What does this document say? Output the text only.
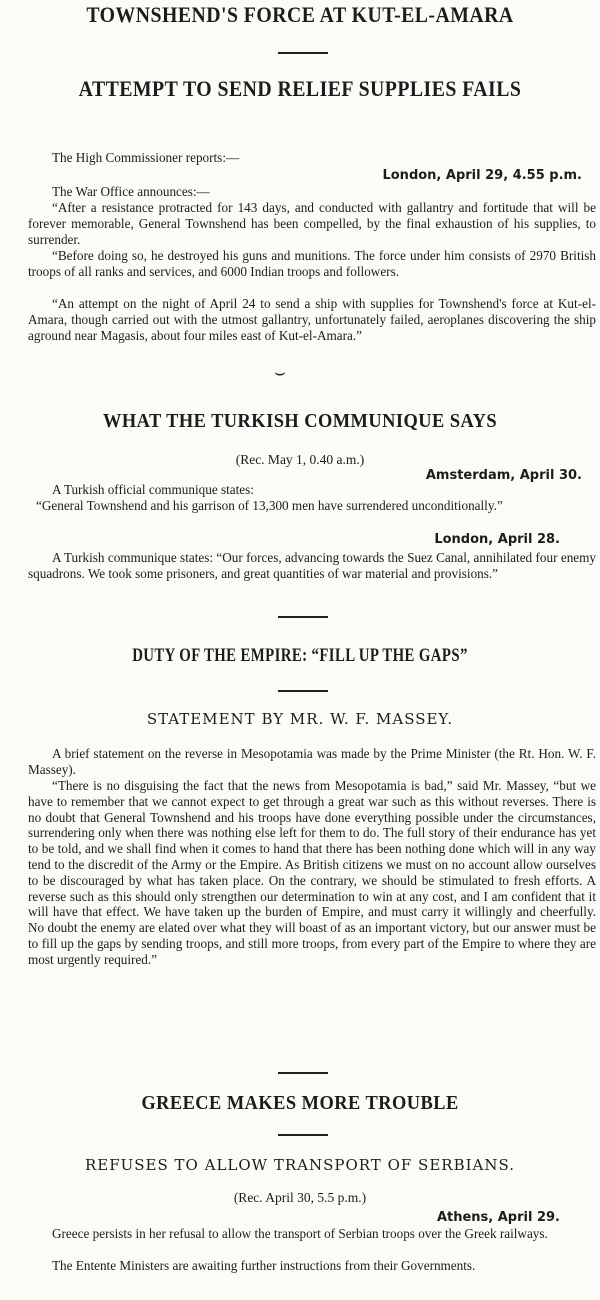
TOWNSHEND'S FORCE AT KUT-EL-AMARA
ATTEMPT TO SEND RELIEF SUPPLIES FAILS
The High Commissioner reports:—
London, April 29, 4.55 p.m.
The War Office announces:—
“After a resistance protracted for 143 days, and conducted with gallantry and fortitude that will be forever memorable, General Townshend has been compelled, by the final exhaustion of his supplies, to surrender.
“Before doing so, he destroyed his guns and munitions. The force under him consists of 2970 British troops of all ranks and services, and 6000 Indian troops and followers.
“An attempt on the night of April 24 to send a ship with supplies for Townshend's force at Kut-el-Amara, though carried out with the utmost gallantry, unfortunately failed, aeroplanes discovering the ship aground near Magasis, about four miles east of Kut-el-Amara.”
⌣
WHAT THE TURKISH COMMUNIQUE SAYS
(Rec. May 1, 0.40 a.m.)
Amsterdam, April 30.
A Turkish official communique states:
“General Townshend and his garrison of 13,300 men have surrendered unconditionally.”
London, April 28.
A Turkish communique states: “Our forces, advancing towards the Suez Canal, annihilated four enemy squadrons. We took some prisoners, and great quantities of war material and provisions.”
DUTY OF THE EMPIRE: “FILL UP THE GAPS”
STATEMENT BY MR. W. F. MASSEY.
A brief statement on the reverse in Mesopotamia was made by the Prime Minister (the Rt. Hon. W. F. Massey).
“There is no disguising the fact that the news from Mesopotamia is bad,” said Mr. Massey, “but we have to remember that we cannot expect to get through a great war such as this without reverses. There is no doubt that General Townshend and his troops have done everything possible under the circumstances, surrendering only when there was nothing else left for them to do. The full story of their endurance has yet to be told, and we shall find when it comes to hand that there has been nothing done which will in any way tend to the discredit of the Army or the Empire. As British citizens we must on no account allow ourselves to be discouraged by what has taken place. On the contrary, we should be stimulated to fresh efforts. A reverse such as this should only strengthen our determination to win at any cost, and I am confident that it will have that effect. We have taken up the burden of Empire, and must carry it willingly and cheerfully. No doubt the enemy are elated over what they will boast of as an important victory, but our answer must be to fill up the gaps by sending troops, and still more troops, from every part of the Empire to where they are most urgently required.”
GREECE MAKES MORE TROUBLE
REFUSES TO ALLOW TRANSPORT OF SERBIANS.
(Rec. April 30, 5.5 p.m.)
Athens, April 29.
Greece persists in her refusal to allow the transport of Serbian troops over the Greek railways.
The Entente Ministers are awaiting further instructions from their Governments.
